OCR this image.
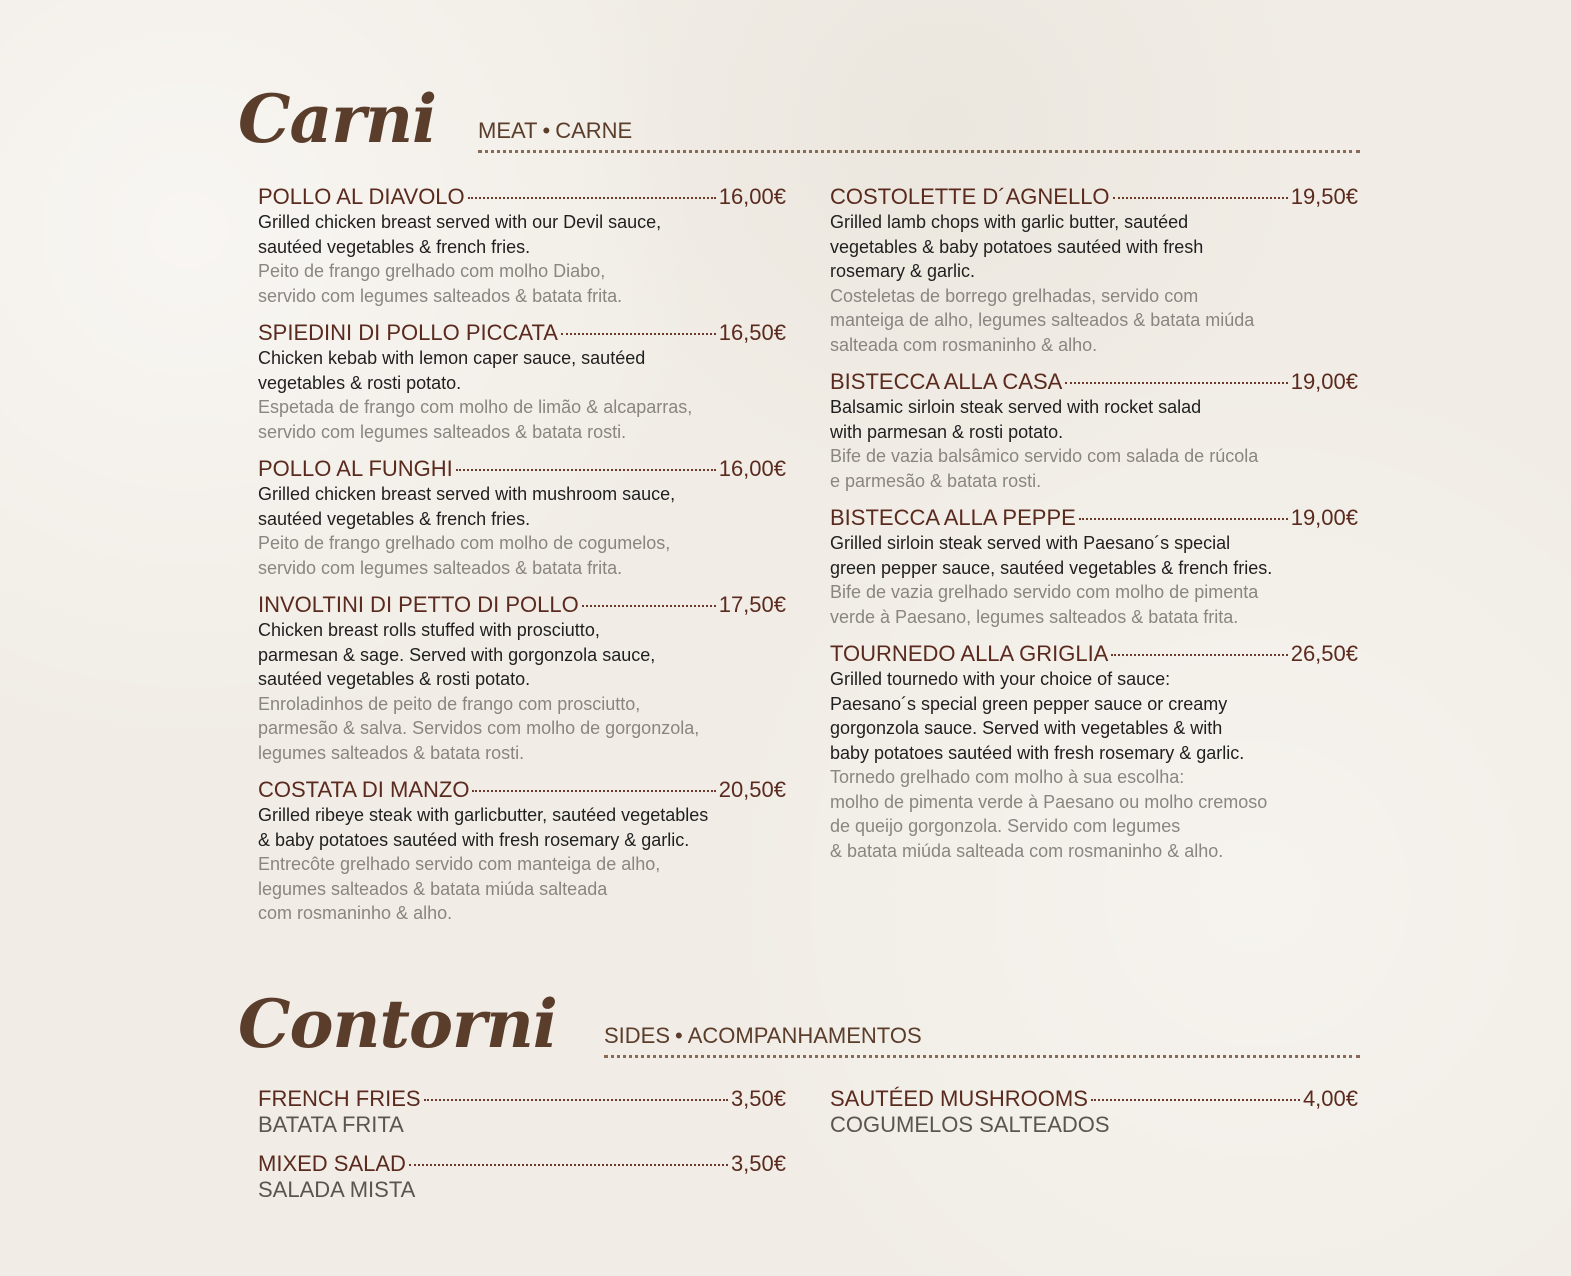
Carni MEAT • CARNE
POLLO AL DIAVOLO	16,00€
Grilled chicken breast served with our Devil sauce,
sautéed vegetables & french fries.
Peito de frango grelhado com molho Diabo,
servido com legumes salteados & batata frita.
SPIEDINI DI POLLO PICCATA	16,50€
Chicken kebab with lemon caper sauce, sautéed
vegetables & rosti potato.
Espetada de frango com molho de limão & alcaparras,
servido com legumes salteados & batata rosti.
POLLO AL FUNGHI	16,00€
Grilled chicken breast served with mushroom sauce,
sautéed vegetables & french fries.
Peito de frango grelhado com molho de cogumelos,
servido com legumes salteados & batata frita.
INVOLTINI DI PETTO DI POLLO	17,50€
Chicken breast rolls stuffed with prosciutto,
parmesan & sage. Served with gorgonzola sauce,
sautéed vegetables & rosti potato.
Enroladinhos de peito de frango com prosciutto,
parmesão & salva. Servidos com molho de gorgonzola,
legumes salteados & batata rosti.
COSTATA DI MANZO	20,50€
Grilled ribeye steak with garlicbutter, sautéed vegetables
& baby potatoes sautéed with fresh rosemary & garlic.
Entrecôte grelhado servido com manteiga de alho,
legumes salteados & batata miúda salteada
com rosmaninho & alho.
COSTOLETTE D´AGNELLO	19,50€
Grilled lamb chops with garlic butter, sautéed
vegetables & baby potatoes sautéed with fresh
rosemary & garlic.
Costeletas de borrego grelhadas, servido com
manteiga de alho, legumes salteados & batata miúda
salteada com rosmaninho & alho.
BISTECCA ALLA CASA	19,00€
Balsamic sirloin steak served with rocket salad
with parmesan & rosti potato.
Bife de vazia balsâmico servido com salada de rúcola
e parmesão & batata rosti.
BISTECCA ALLA PEPPE	19,00€
Grilled sirloin steak served with Paesano´s special
green pepper sauce, sautéed vegetables & french fries.
Bife de vazia grelhado servido com molho de pimenta
verde à Paesano, legumes salteados & batata frita.
TOURNEDO ALLA GRIGLIA	26,50€
Grilled tournedo with your choice of sauce:
Paesano´s special green pepper sauce or creamy
gorgonzola sauce. Served with vegetables & with
baby potatoes sautéed with fresh rosemary & garlic.
Tornedo grelhado com molho à sua escolha:
molho de pimenta verde à Paesano ou molho cremoso
de queijo gorgonzola. Servido com legumes
& batata miúda salteada com rosmaninho & alho.
Contorni SIDES • ACOMPANHAMENTOS
FRENCH FRIES	3,50€
BATATA FRITA
MIXED SALAD	3,50€
SALADA MISTA
SAUTÉED MUSHROOMS	4,00€
COGUMELOS SALTEADOS
